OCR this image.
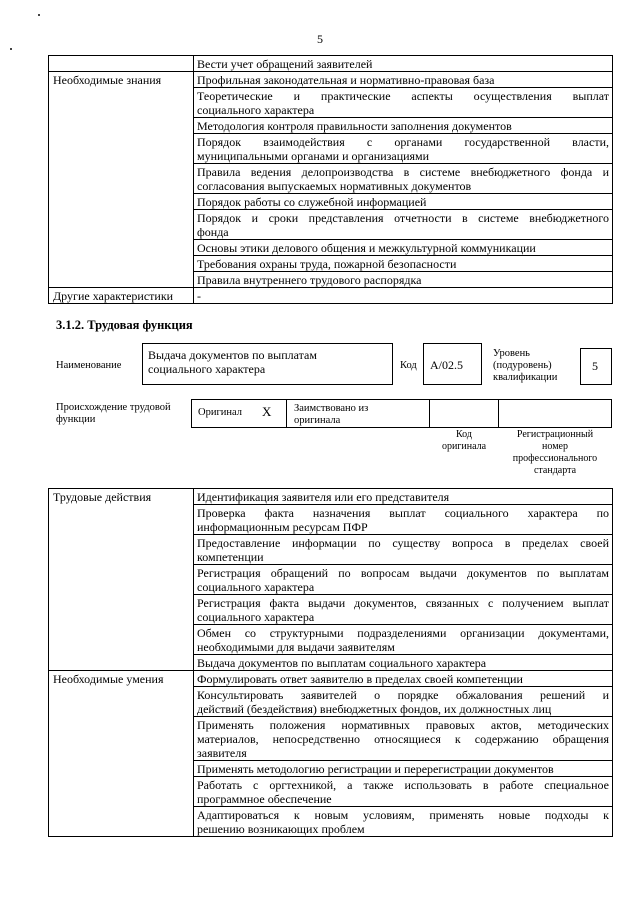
5
	Вести учет обращений заявителей
Необходимые знания	Профильная законодательная и нормативно-правовая база

	Теоретические и практические аспекты осуществления выплат
социального характера

	Методология контроля правильности заполнения документов

	Порядок взаимодействия с органами государственной власти,
муниципальными органами и организациями

	Правила ведения делопроизводства в системе внебюджетного фонда и
согласования выпускаемых нормативных документов

	Порядок работы со служебной информацией

	Порядок и сроки представления отчетности в системе внебюджетного
фонда

	Основы этики делового общения и межкультурной коммуникации
	Требования охраны труда, пожарной безопасности
	Правила внутреннего трудового распорядка
Другие характеристики	-
3.1.2. Трудовая функция
Наименование
Выдача документов по выплатам
социального характера	Код A/02.5
Уровень
(подуровень)
квалификации
5
Происхождение трудовой
функции
Оригинал X Заимствовано из
оригинала
Код
оригинала
Регистрационный
номер
профессионального
стандарта
Трудовые действия	Идентификация заявителя или его представителя

	Проверка факта назначения выплат социального характера по
информационным ресурсам ПФР

	Предоставление информации по существу вопроса в пределах своей
компетенции

	Регистрация обращений по вопросам выдачи документов по выплатам
социального характера

	Регистрация факта выдачи документов, связанных с получением выплат
социального характера

	Обмен со структурными подразделениями организации документами,
необходимыми для выдачи заявителям

	Выдача документов по выплатам социального характера
Необходимые умения	Формулировать ответ заявителю в пределах своей компетенции

	Консультировать заявителей о порядке обжалования решений и
действий (бездействия) внебюджетных фондов, их должностных лиц

	Применять положения нормативных правовых актов, методических
материалов, непосредственно относящиеся к содержанию обращения
заявителя

	Применять методологию регистрации и перерегистрации документов

	Работать с оргтехникой, а также использовать в работе специальное
программное обеспечение

	Адаптироваться к новым условиям, применять новые подходы к
решению возникающих проблем
